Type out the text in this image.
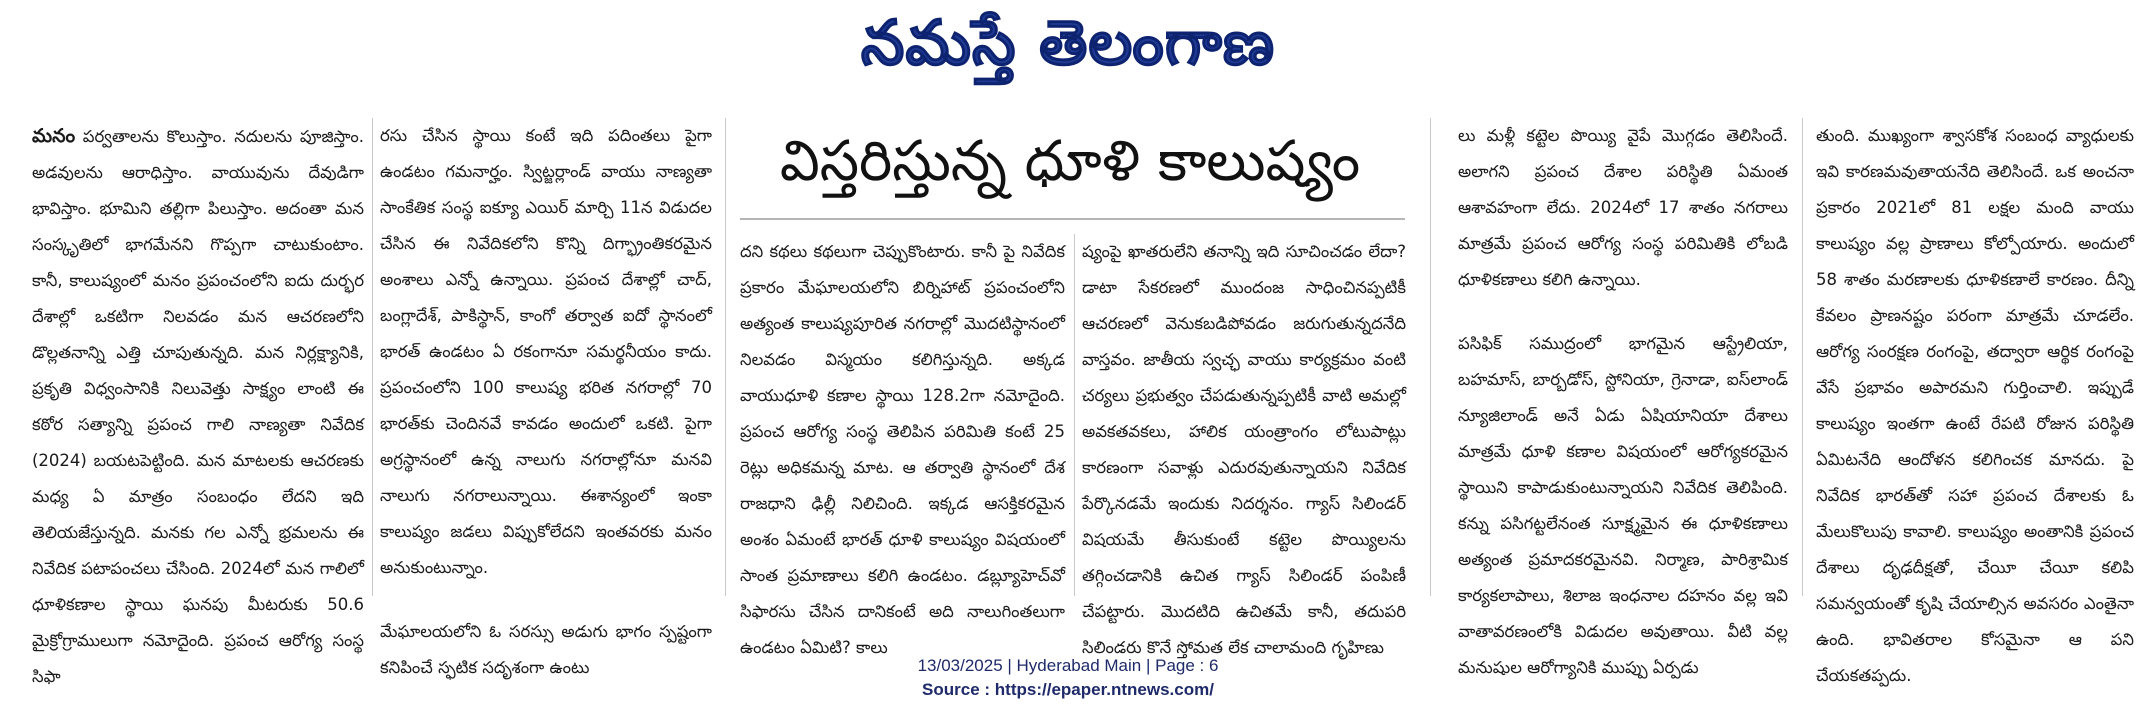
నమస్తే తెలంగాణ

మనం పర్వతాలను కొలుస్తాం. నదులను పూజిస్తాం. అడవులను ఆరాధిస్తాం. వాయువును దేవుడిగా భావిస్తాం. భూమిని తల్లిగా పిలుస్తాం. అదంతా మన సంస్కృతిలో భాగమేనని గొప్పగా చాటుకుంటాం. కానీ, కాలుష్యంలో మనం ప్రపంచంలోని ఐదు దుర్భర దేశాల్లో ఒకటిగా నిలవడం మన ఆచరణలోని డొల్లతనాన్ని ఎత్తి చూపుతున్నది. మన నిర్లక్ష్యానికి, ప్రకృతి విధ్వంసానికి నిలువెత్తు సాక్ష్యం లాంటి ఈ కఠోర సత్యాన్ని ప్రపంచ గాలి నాణ్యతా నివేదిక (2024) బయటపెట్టింది. మన మాటలకు ఆచరణకు మధ్య ఏ మాత్రం సంబంధం లేదని ఇది తెలియజేస్తున్నది. మనకు గల ఎన్నో భ్రమలను ఈ నివేదిక పటాపంచలు చేసింది. 2024లో మన గాలిలో ధూళికణాల స్థాయి ఘనపు మీటరుకు 50.6 మైక్రోగ్రాములుగా నమోదైంది. ప్రపంచ ఆరోగ్య సంస్థ సిఫా

రసు చేసిన స్థాయి కంటే ఇది పదింతలు పైగా ఉండటం గమనార్హం. స్విట్జర్లాండ్ వాయు నాణ్యతా సాంకేతిక సంస్థ ఐక్యూ ఎయిర్ మార్చి 11న విడుదల చేసిన ఈ నివేదికలోని కొన్ని దిగ్భ్రాంతికరమైన అంశాలు ఎన్నో ఉన్నాయి. ప్రపంచ దేశాల్లో చాద్, బంగ్లాదేశ్, పాకిస్థాన్, కాంగో తర్వాత ఐదో స్థానంలో భారత్ ఉండటం ఏ రకంగానూ సమర్థనీయం కాదు. ప్రపంచంలోని 100 కాలుష్య భరిత నగరాల్లో 70 భారత్‌కు చెందినవే కావడం అందులో ఒకటి. పైగా అగ్రస్థానంలో ఉన్న నాలుగు నగరాల్లోనూ మనవి నాలుగు నగరాలున్నాయి. ఈశాన్యంలో ఇంకా కాలుష్యం జడలు విప్పుకోలేదని ఇంతవరకు మనం అనుకుంటున్నాం.

మేఘాలయలోని ఓ సరస్సు అడుగు భాగం స్పష్టంగా కనిపించే స్ఫటిక సదృశంగా ఉంటు

విస్తరిస్తున్న ధూళి కాలుష్యం

దని కథలు కథలుగా చెప్పుకొంటారు. కానీ పై నివేదిక ప్రకారం మేఘాలయలోని బిర్నిహాట్ ప్రపంచంలోని అత్యంత కాలుష్యపూరిత నగరాల్లో మొదటిస్థానంలో నిలవడం విస్మయం కలిగిస్తున్నది. అక్కడ వాయుధూళి కణాల స్థాయి 128.2గా నమోదైంది. ప్రపంచ ఆరోగ్య సంస్థ తెలిపిన పరిమితి కంటే 25 రెట్లు అధికమన్న మాట. ఆ తర్వాతి స్థానంలో దేశ రాజధాని ఢిల్లీ నిలిచింది. ఇక్కడ ఆసక్తికరమైన అంశం ఏమంటే భారత్ ధూళి కాలుష్యం విషయంలో సాంత ప్రమాణాలు కలిగి ఉండటం. డబ్ల్యూహెచ్‌వో సిఫారసు చేసిన దానికంటే అది నాలుగింతలుగా ఉండటం ఏమిటి? కాలు

ష్యంపై ఖాతరులేని తనాన్ని ఇది సూచించడం లేదా? డాటా సేకరణలో ముందంజ సాధించినప్పటికీ ఆచరణలో వెనుకబడిపోవడం జరుగుతున్నదనేది వాస్తవం. జాతీయ స్వచ్ఛ వాయు కార్యక్రమం వంటి చర్యలు ప్రభుత్వం చేపడుతున్నప్పటికీ వాటి అమల్లో అవకతవకలు, హాలిక యంత్రాంగం లోటుపాట్లు కారణంగా సవాళ్లు ఎదురవుతున్నాయని నివేదిక పేర్కొనడమే ఇందుకు నిదర్శనం. గ్యాస్ సిలిండర్ విషయమే తీసుకుంటే కట్టెల పొయ్యిలను తగ్గించడానికి ఉచిత గ్యాస్ సిలిండర్ పంపిణీ చేపట్టారు. మొదటిది ఉచితమే కానీ, తదుపరి సిలిండరు కొనే స్తోమత లేక చాలామంది గృహిణు

లు మళ్లీ కట్టెల పొయ్యి వైపే మొగ్గడం తెలిసిందే. అలాగని ప్రపంచ దేశాల పరిస్థితి ఏమంత ఆశావహంగా లేదు. 2024లో 17 శాతం నగరాలు మాత్రమే ప్రపంచ ఆరోగ్య సంస్థ పరిమితికి లోబడి ధూళికణాలు కలిగి ఉన్నాయి.

పసిఫిక్ సముద్రంలో భాగమైన ఆస్ట్రేలియా, బహమాస్, బార్బడోస్, స్టోనియా, గ్రెనాడా, ఐస్‌లాండ్ న్యూజిలాండ్ అనే ఏడు ఏషియానియా దేశాలు మాత్రమే ధూళి కణాల విషయంలో ఆరోగ్యకరమైన స్థాయిని కాపాడుకుంటున్నాయని నివేదిక తెలిపింది. కన్ను పసిగట్టలేనంత సూక్ష్మమైన ఈ ధూళికణాలు అత్యంత ప్రమాదకరమైనవి. నిర్మాణ, పారిశ్రామిక కార్యకలాపాలు, శిలాజ ఇంధనాల దహనం వల్ల ఇవి వాతావరణంలోకి విడుదల అవుతాయి. వీటి వల్ల మనుషుల ఆరోగ్యానికి ముప్పు ఏర్పడు

తుంది. ముఖ్యంగా శ్వాసకోశ సంబంధ వ్యాధులకు ఇవి కారణమవుతాయనేది తెలిసిందే. ఒక అంచనా ప్రకారం 2021లో 81 లక్షల మంది వాయు కాలుష్యం వల్ల ప్రాణాలు కోల్పోయారు. అందులో 58 శాతం మరణాలకు ధూళికణాలే కారణం. దీన్ని కేవలం ప్రాణనష్టం పరంగా మాత్రమే చూడలేం. ఆరోగ్య సంరక్షణ రంగంపై, తద్వారా ఆర్థిక రంగంపై వేసే ప్రభావం అపారమని గుర్తించాలి. ఇప్పుడే కాలుష్యం ఇంతగా ఉంటే రేపటి రోజున పరిస్థితి ఏమిటనేది ఆందోళన కలిగించక మానదు. పై నివేదిక భారత్‌తో సహా ప్రపంచ దేశాలకు ఓ మేలుకొలుపు కావాలి. కాలుష్యం అంతానికి ప్రపంచ దేశాలు దృఢదీక్షతో, చేయీ చేయీ కలిపి సమన్వయంతో కృషి చేయాల్సిన అవసరం ఎంతైనా ఉంది. భావితరాల కోసమైనా ఆ పని చేయకతప్పదు.

13/03/2025 | Hyderabad Main | Page : 6
Source : https://epaper.ntnews.com/
